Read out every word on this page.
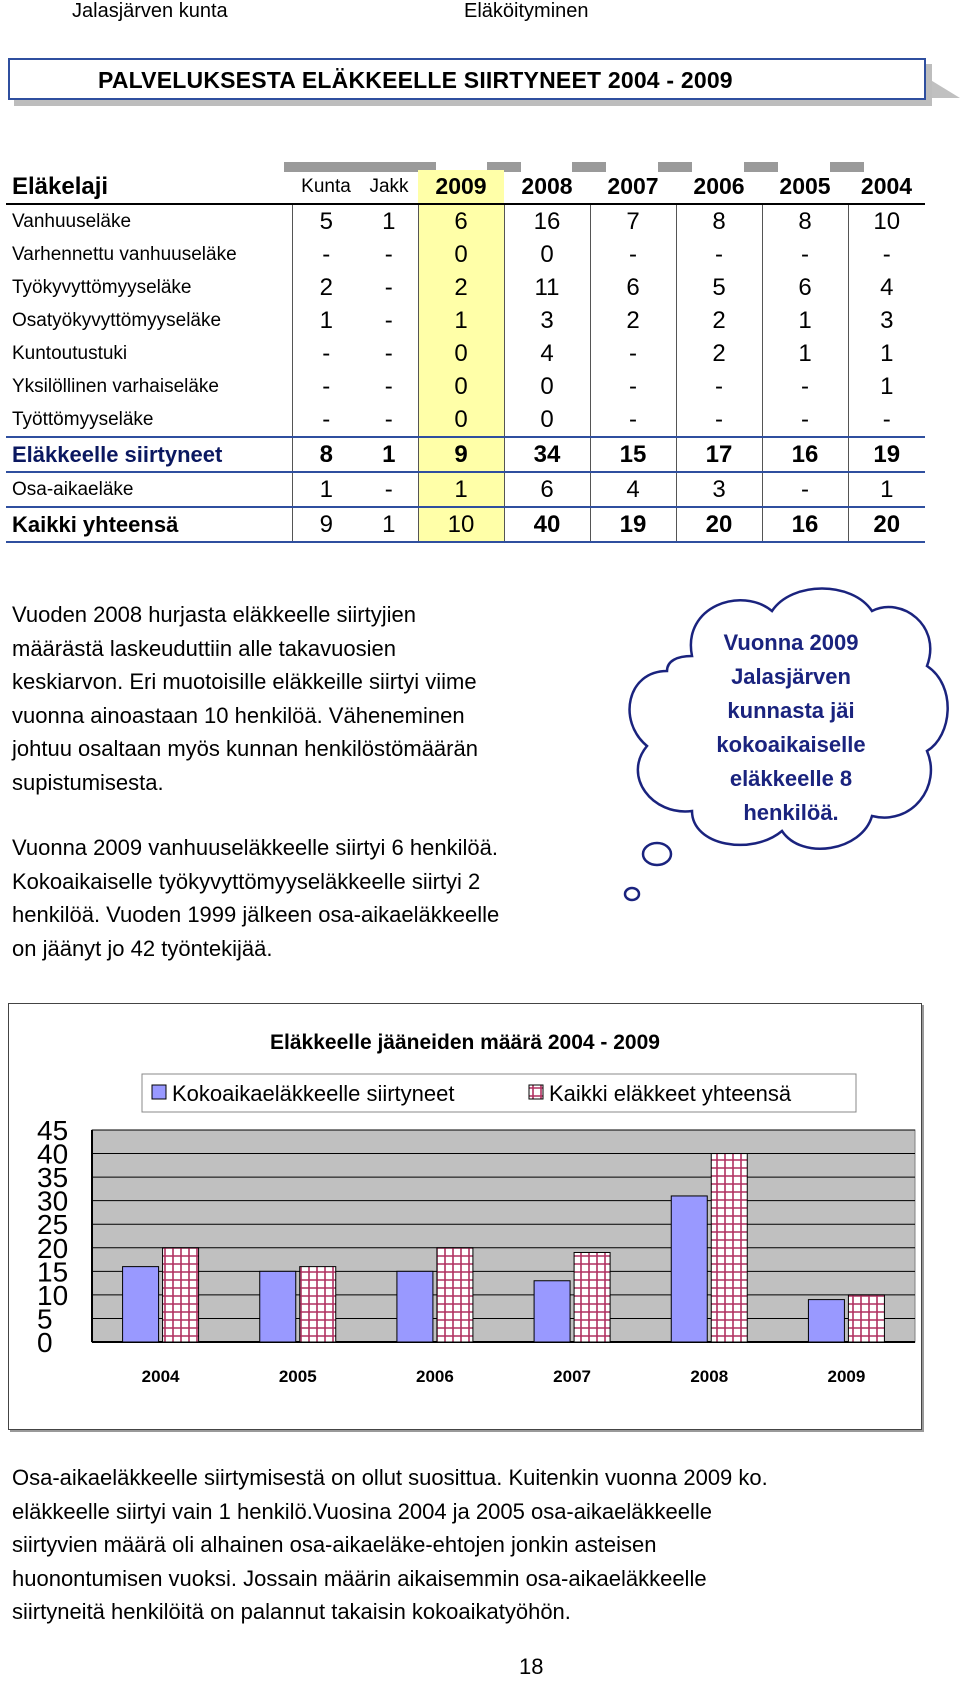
Jalasjärven kunta	Eläköityminen
PALVELUKSESTA ELÄKKEELLE SIIRTYNEET 2004 - 2009
Eläkelaji	Kunta	Jakk	2009	2008	2007	2006	2005	2004
Vanhuuseläke	5	1	6	16	7	8	8	10
Varhennettu vanhuuseläke	-	-	0	0	-	-	-	-
Työkyvyttömyyseläke	2	-	2	11	6	5	6	4
Osatyökyvyttömyyseläke	1	-	1	3	2	2	1	3
Kuntoutustuki	-	-	0	4	-	2	1	1
Yksilöllinen varhaiseläke	-	-	0	0	-	-	-	1
Työttömyyseläke	-	-	0	0	-	-	-	-
Eläkkeelle siirtyneet	8	1	9	34	15	17	16	19
Osa-aikaeläke	1	-	1	6	4	3	-	1
Kaikki yhteensä	9	1	10	40	19	20	16	20
Vuoden 2008 hurjasta eläkkeelle siirtyjien
määrästä laskeuduttiin alle takavuosien
keskiarvon. Eri muotoisille eläkkeille siirtyi viime
vuonna ainoastaan 10 henkilöä. Väheneminen
johtuu osaltaan myös kunnan henkilöstömäärän
supistumisesta.
Vuonna 2009 vanhuuseläkkeelle siirtyi 6 henkilöä.
Kokoaikaiselle työkyvyttömyyseläkkeelle siirtyi 2
henkilöä. Vuoden 1999 jälkeen osa-aikaeläkkeelle
on jäänyt jo 42 työntekijää.
Vuonna 2009
Jalasjärven
kunnasta jäi
kokoaikaiselle
eläkkeelle 8
henkilöä.
Eläkkeelle jääneiden määrä 2004 - 2009
Kokoaikaeläkkeelle siirtyneet	Kaikki eläkkeet yhteensä
0
5
10
15
20
25
30
35
40
45
2004	2005	2006	2007	2008	2009
Osa-aikaeläkkeelle siirtymisestä on ollut suosittua. Kuitenkin vuonna 2009 ko.
eläkkeelle siirtyi vain 1 henkilö.Vuosina 2004 ja 2005 osa-aikaeläkkeelle
siirtyvien määrä oli alhainen osa-aikaeläke-ehtojen jonkin asteisen
huonontumisen vuoksi. Jossain määrin aikaisemmin osa-aikaeläkkeelle
siirtyneitä henkilöitä on palannut takaisin kokoaikatyöhön.
18
